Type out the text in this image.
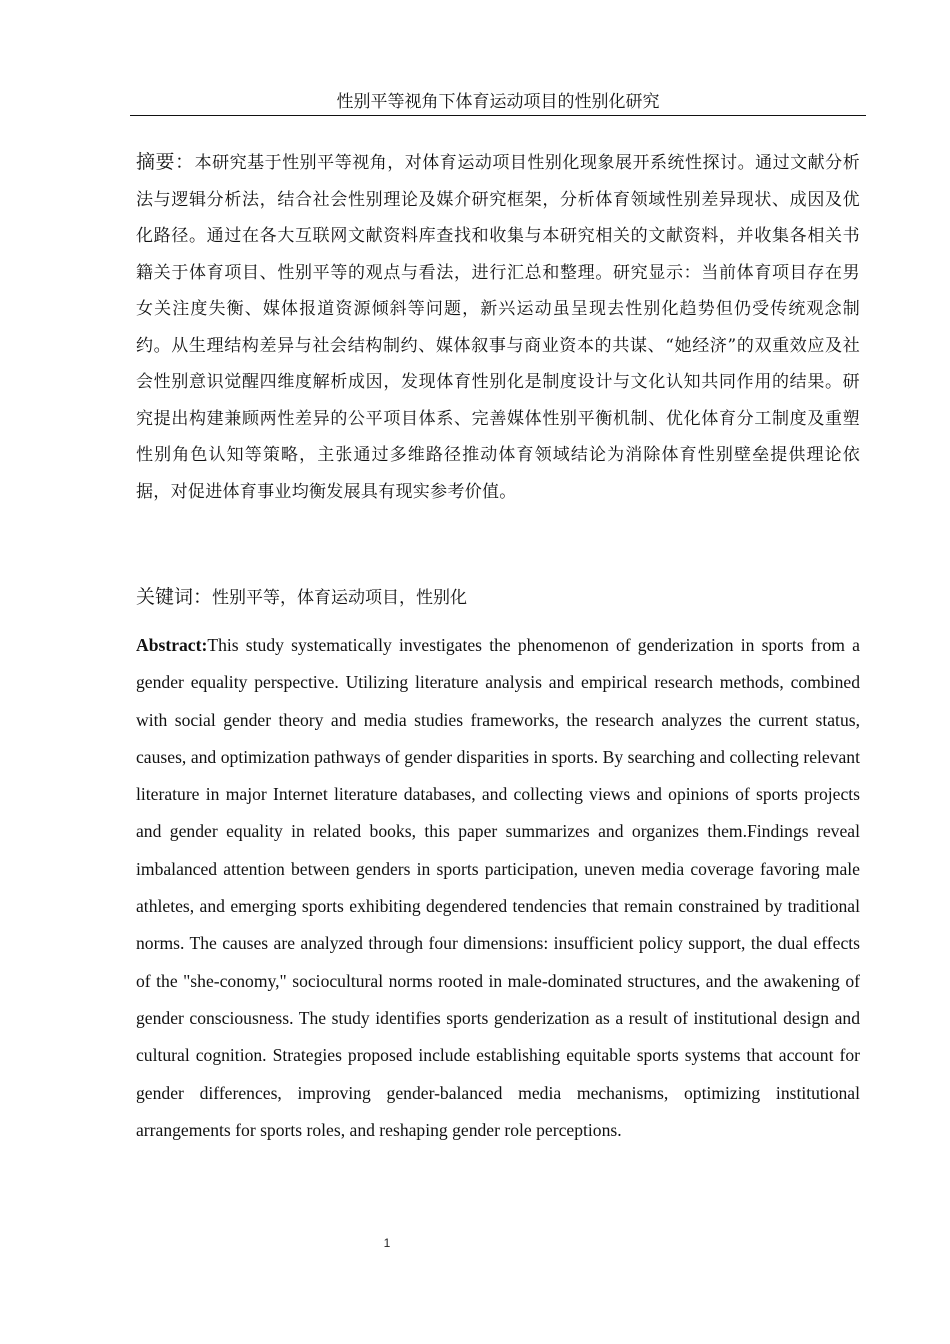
性别平等视角下体育运动项目的性别化研究
摘要：本研究基于性别平等视角，对体育运动项目性别化现象展开系统性探讨。通过文献分析法与逻辑分析法，结合社会性别理论及媒介研究框架，分析体育领域性别差异现状、成因及优化路径。通过在各大互联网文献资料库查找和收集与本研究相关的文献资料，并收集各相关书籍关于体育项目、性别平等的观点与看法，进行汇总和整理。研究显示：当前体育项目存在男女关注度失衡、媒体报道资源倾斜等问题，新兴运动虽呈现去性别化趋势但仍受传统观念制约。从生理结构差异与社会结构制约、媒体叙事与商业资本的共谋、“她经济”的双重效应及社会性别意识觉醒四维度解析成因，发现体育性别化是制度设计与文化认知共同作用的结果。研究提出构建兼顾两性差异的公平项目体系、完善媒体性别平衡机制、优化体育分工制度及重塑性别角色认知等策略，主张通过多维路径推动体育领域结论为消除体育性别壁垒提供理论依据，对促进体育事业均衡发展具有现实参考价值。
关键词：性别平等，体育运动项目，性别化
Abstract:This study systematically investigates the phenomenon of genderization in sports from a gender equality perspective. Utilizing literature analysis and empirical research methods, combined with social gender theory and media studies frameworks, the research analyzes the current status, causes, and optimization pathways of gender disparities in sports. By searching and collecting relevant literature in major Internet literature databases, and collecting views and opinions of sports projects and gender equality in related books, this paper summarizes and organizes them.Findings reveal imbalanced attention between genders in sports participation, uneven media coverage favoring male athletes, and emerging sports exhibiting degendered tendencies that remain constrained by traditional norms. The causes are analyzed through four dimensions: insufficient policy support, the dual effects of the "she-conomy," sociocultural norms rooted in male-dominated structures, and the awakening of gender consciousness. The study identifies sports genderization as a result of institutional design and cultural cognition. Strategies proposed include establishing equitable sports systems that account for gender differences, improving gender-balanced media mechanisms, optimizing institutional arrangements for sports roles, and reshaping gender role perceptions.
1
